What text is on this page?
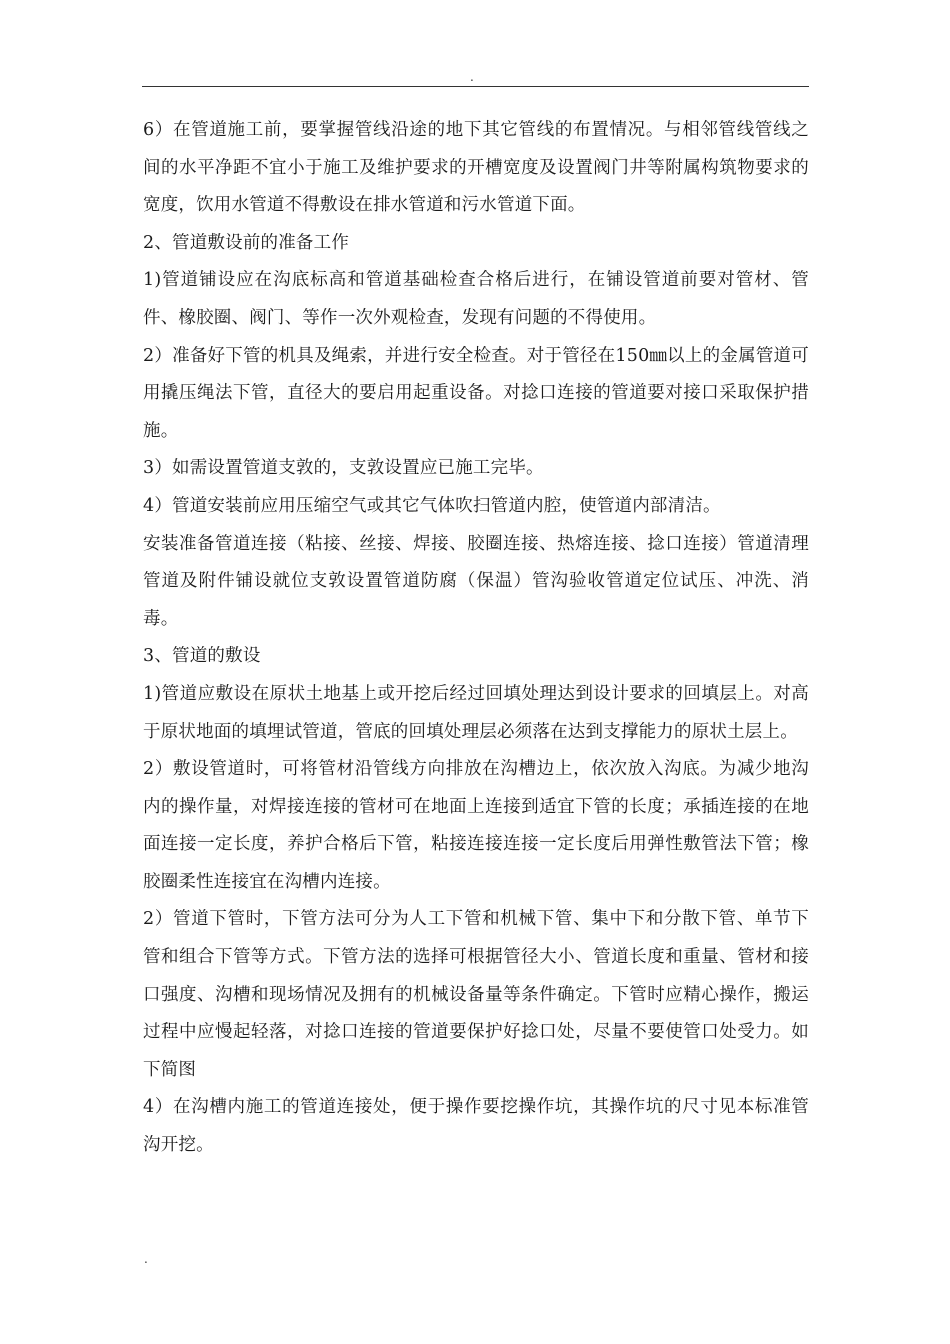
.

6）在管道施工前，要掌握管线沿途的地下其它管线的布置情况。与相邻管线管线之间的水平净距不宜小于施工及维护要求的开槽宽度及设置阀门井等附属构筑物要求的宽度，饮用水管道不得敷设在排水管道和污水管道下面。

2、管道敷设前的准备工作

1)管道铺设应在沟底标高和管道基础检查合格后进行，在铺设管道前要对管材、管件、橡胶圈、阀门、等作一次外观检查，发现有问题的不得使用。

2）准备好下管的机具及绳索，并进行安全检查。对于管径在150㎜以上的金属管道可用撬压绳法下管，直径大的要启用起重设备。对捻口连接的管道要对接口采取保护措施。

3）如需设置管道支敦的，支敦设置应已施工完毕。

4）管道安装前应用压缩空气或其它气体吹扫管道内腔，使管道内部清洁。

安装准备管道连接（粘接、丝接、焊接、胶圈连接、热熔连接、捻口连接）管道清理管道及附件铺设就位支敦设置管道防腐（保温）管沟验收管道定位试压、冲洗、消毒。

3、管道的敷设

1)管道应敷设在原状土地基上或开挖后经过回填处理达到设计要求的回填层上。对高于原状地面的填埋试管道，管底的回填处理层必须落在达到支撑能力的原状土层上。

2）敷设管道时，可将管材沿管线方向排放在沟槽边上，依次放入沟底。为减少地沟内的操作量，对焊接连接的管材可在地面上连接到适宜下管的长度；承插连接的在地面连接一定长度，养护合格后下管，粘接连接连接一定长度后用弹性敷管法下管；橡胶圈柔性连接宜在沟槽内连接。

2）管道下管时，下管方法可分为人工下管和机械下管、集中下和分散下管、单节下管和组合下管等方式。下管方法的选择可根据管径大小、管道长度和重量、管材和接口强度、沟槽和现场情况及拥有的机械设备量等条件确定。下管时应精心操作，搬运过程中应慢起轻落，对捻口连接的管道要保护好捻口处，尽量不要使管口处受力。如下简图

4）在沟槽内施工的管道连接处，便于操作要挖操作坑，其操作坑的尺寸见本标准管沟开挖。

.
